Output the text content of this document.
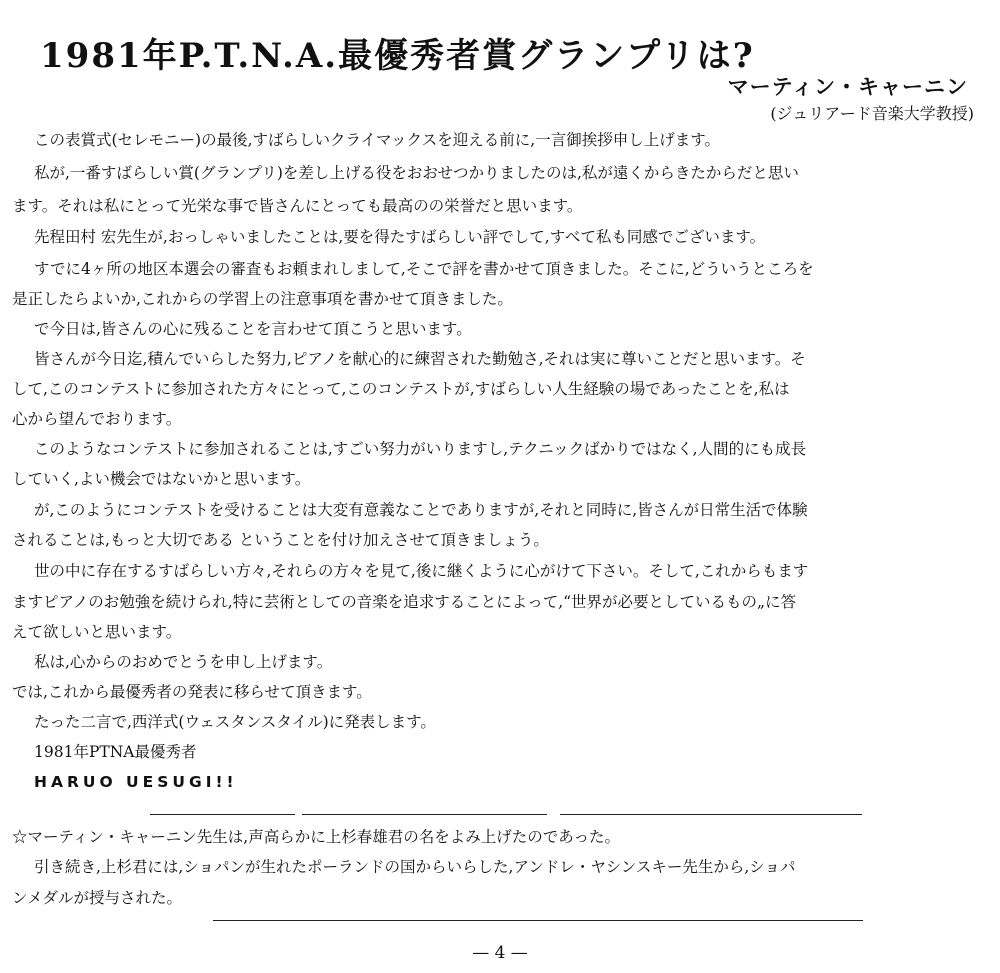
1981年P.T.N.A.最優秀者賞グランプリは?
マーティン・キャーニン
(ジュリアード音楽大学教授)
この表賞式(セレモニー)の最後,すばらしいクライマックスを迎える前に,一言御挨拶申し上げます。
私が,一番すばらしい賞(グランプリ)を差し上げる役をおおせつかりましたのは,私が遠くからきたからだと思い
ます。それは私にとって光栄な事で皆さんにとっても最高のの栄誉だと思います。
先程田村 宏先生が,おっしゃいましたことは,要を得たすばらしい評でして,すべて私も同感でございます。
すでに4ヶ所の地区本選会の審査もお頼まれしまして,そこで評を書かせて頂きました。そこに,どういうところを
是正したらよいか,これからの学習上の注意事項を書かせて頂きました。
で今日は,皆さんの心に残ることを言わせて頂こうと思います。
皆さんが今日迄,積んでいらした努力,ピアノを献心的に練習された勤勉さ,それは実に尊いことだと思います。そ
して,このコンテストに参加された方々にとって,このコンテストが,すばらしい人生経験の場であったことを,私は
心から望んでおります。
このようなコンテストに参加されることは,すごい努力がいりますし,テクニックばかりではなく,人間的にも成長
していく,よい機会ではないかと思います。
が,このようにコンテストを受けることは大変有意義なことでありますが,それと同時に,皆さんが日常生活で体験
されることは,もっと大切である ということを付け加えさせて頂きましょう。
世の中に存在するすばらしい方々,それらの方々を見て,後に継くように心がけて下さい。そして,これからもます
ますピアノのお勉強を続けられ,特に芸術としての音楽を追求することによって,“世界が必要としているもの„に答
えて欲しいと思います。
私は,心からのおめでとうを申し上げます。
では,これから最優秀者の発表に移らせて頂きます。
たった二言で,西洋式(ウェスタンスタイル)に発表します。
1981年PTNA最優秀者
HARUO UESUGI!!
☆マーティン・キャーニン先生は,声高らかに上杉春雄君の名をよみ上げたのであった。
引き続き,上杉君には,ショパンが生れたポーランドの国からいらした,アンドレ・ヤシンスキー先生から,ショパ
ンメダルが授与された。
— 4 —
